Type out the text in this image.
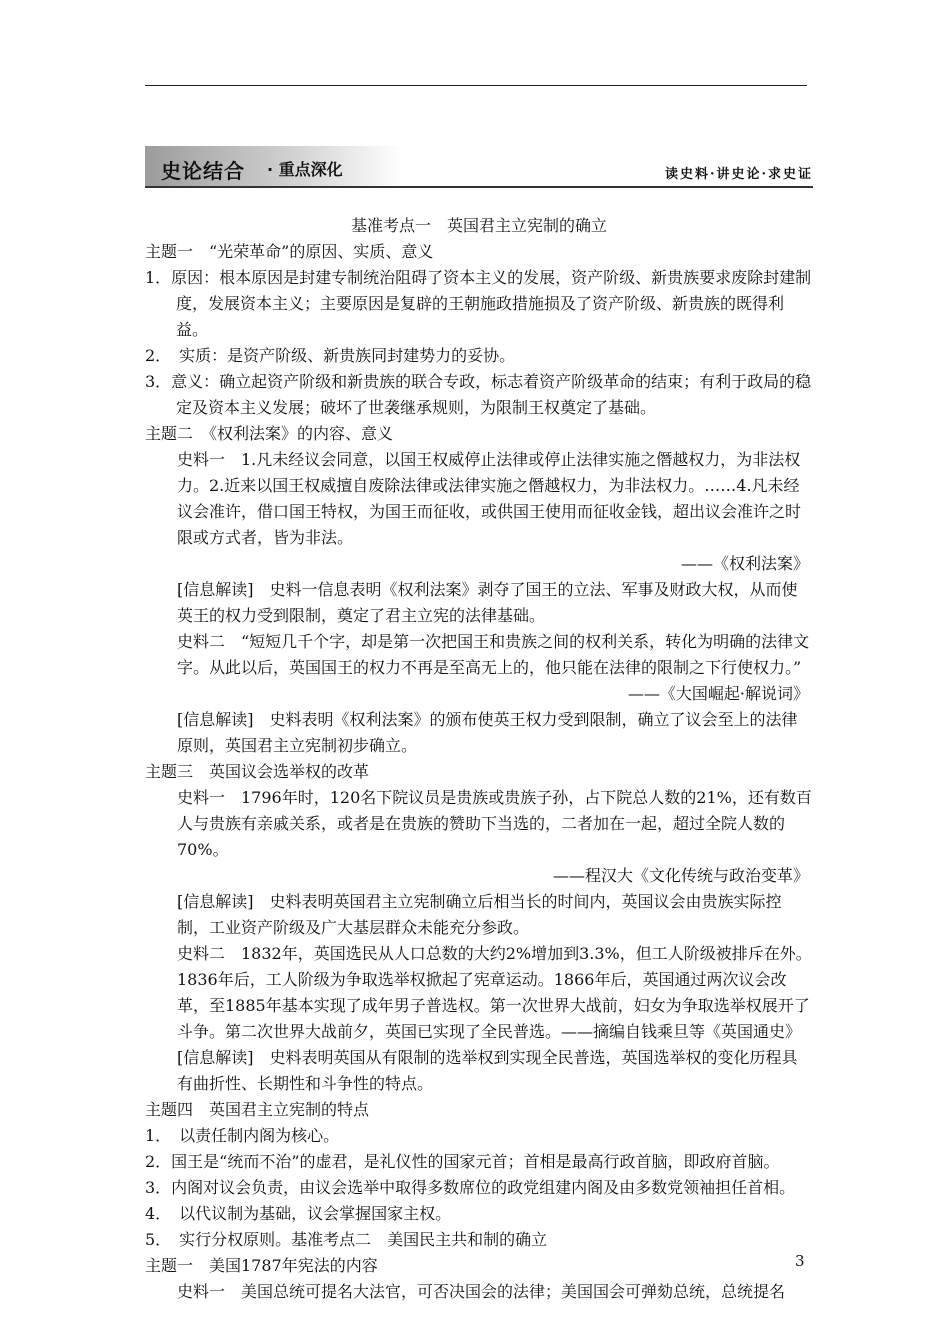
史论结合 · 重点深化	读史料·讲史论·求史证

基准考点一　英国君主立宪制的确立

主题一　“光荣革命”的原因、实质、意义

1．原因：根本原因是封建专制统治阻碍了资本主义的发展，资产阶级、新贵族要求废除封建制度，发展资本主义；主要原因是复辟的王朝施政措施损及了资产阶级、新贵族的既得利益。

2．　实质：是资产阶级、新贵族同封建势力的妥协。

3．意义：确立起资产阶级和新贵族的联合专政，标志着资产阶级革命的结束；有利于政局的稳定及资本主义发展；破坏了世袭继承规则，为限制王权奠定了基础。

主题二　《权利法案》的内容、意义

史料一　1.凡未经议会同意，以国王权威停止法律或停止法律实施之僭越权力，为非法权力。2.近来以国王权威擅自废除法律或法律实施之僭越权力，为非法权力。……4.凡未经议会准许，借口国王特权，为国王而征收，或供国王使用而征收金钱，超出议会准许之时限或方式者，皆为非法。

——《权利法案》

[信息解读]　史料一信息表明《权利法案》剥夺了国王的立法、军事及财政大权，从而使英王的权力受到限制，奠定了君主立宪的法律基础。

史料二　“短短几千个字，却是第一次把国王和贵族之间的权利关系，转化为明确的法律文字。从此以后，英国国王的权力不再是至高无上的，他只能在法律的限制之下行使权力。”

——《大国崛起·解说词》

[信息解读]　史料表明《权利法案》的颁布使英王权力受到限制，确立了议会至上的法律原则，英国君主立宪制初步确立。

主题三　英国议会选举权的改革

史料一　1796年时，120名下院议员是贵族或贵族子孙，占下院总人数的21%，还有数百人与贵族有亲戚关系，或者是在贵族的赞助下当选的，二者加在一起，超过全院人数的70%。

——程汉大《文化传统与政治变革》

[信息解读]　史料表明英国君主立宪制确立后相当长的时间内，英国议会由贵族实际控制，工业资产阶级及广大基层群众未能充分参政。

史料二　1832年，英国选民从人口总数的大约2%增加到3.3%，但工人阶级被排斥在外。1836年后，工人阶级为争取选举权掀起了宪章运动。1866年后，英国通过两次议会改革，至1885年基本实现了成年男子普选权。第一次世界大战前，妇女为争取选举权展开了斗争。第二次世界大战前夕，英国已实现了全民普选。——摘编自钱乘旦等《英国通史》

[信息解读]　史料表明英国从有限制的选举权到实现全民普选，英国选举权的变化历程具有曲折性、长期性和斗争性的特点。

主题四　英国君主立宪制的特点

1．　以责任制内阁为核心。

2．国王是“统而不治”的虚君，是礼仪性的国家元首；首相是最高行政首脑，即政府首脑。

3．内阁对议会负责，由议会选举中取得多数席位的政党组建内阁及由多数党领袖担任首相。

4．　以代议制为基础，议会掌握国家主权。

5．　实行分权原则。基准考点二　美国民主共和制的确立

主题一　美国1787年宪法的内容

史料一　美国总统可提名大法官，可否决国会的法律；美国国会可弹劾总统，总统提名

3
